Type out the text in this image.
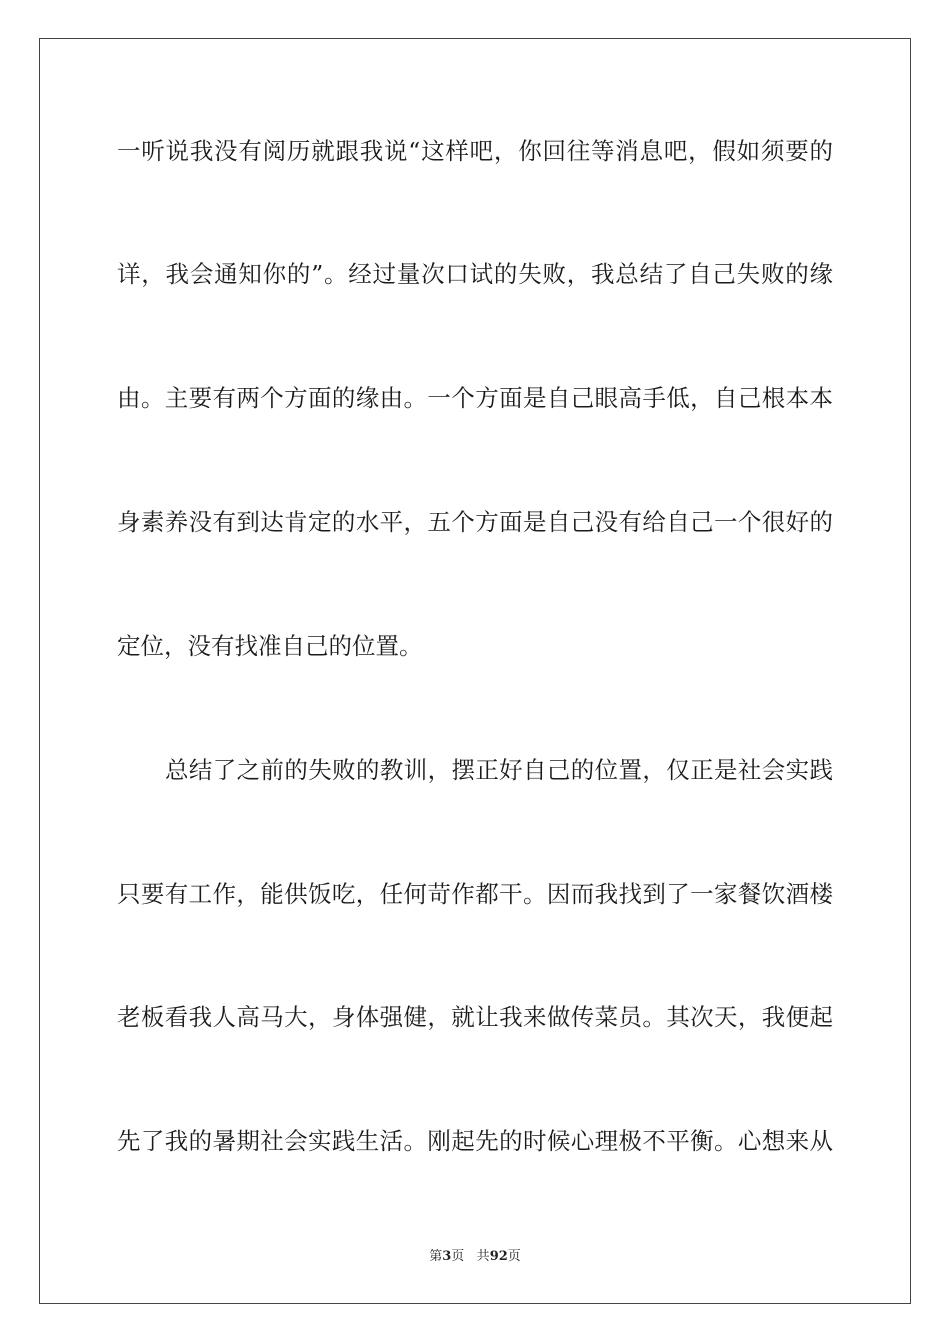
一听说我没有阅历就跟我说“这样吧，你回往等消息吧，假如须要的
详，我会通知你的”。经过量次口试的失败，我总结了自己失败的缘
由。主要有两个方面的缘由。一个方面是自己眼高手低，自己根本本
身素养没有到达肯定的水平，五个方面是自己没有给自己一个很好的
定位，没有找准自己的位置。
总结了之前的失败的教训，摆正好自己的位置，仅正是社会实践
只要有工作，能供饭吃，任何苛作都干。因而我找到了一家餐饮酒楼
老板看我人高马大，身体强健，就让我来做传菜员。其次天，我便起
先了我的暑期社会实践生活。刚起先的时候心理极不平衡。心想来从
第3页 共92页
